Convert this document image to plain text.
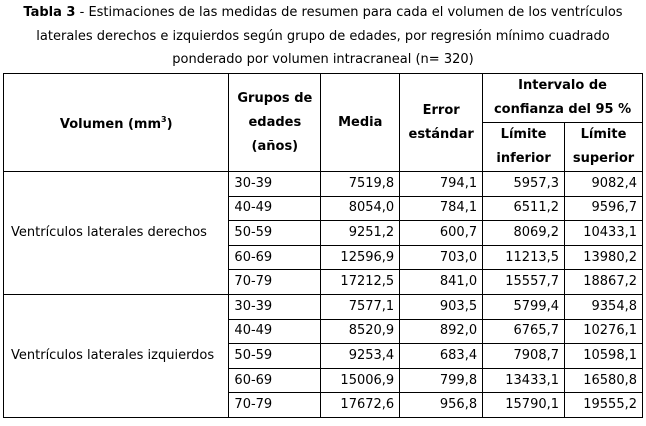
Tabla 3 - Estimaciones de las medidas de resumen para cada el volumen de los ventrículos laterales derechos e izquierdos según grupo de edades, por regresión mínimo cuadrado ponderado por volumen intracraneal (n= 320)
Volumen $(mm^3)$	Grupos de edades (años)	Media	Error estándar	Intervalo de confianza del 95 %	
				Límite inferior	Límite superior
Ventrículos laterales derechos	30-39	7519,8	794,1	5957,3	9082,4
	40-49	8054,0	784,1	6511,2	9596,7
	50-59	9251,2	600,7	8069,2	10433,1
	60-69	12596,9	703,0	11213,5	13980,2
	70-79	17212,5	841,0	15557,7	18867,2
Ventrículos laterales izquierdos	30-39	7577,1	903,5	5799,4	9354,8
	40-49	8520,9	892,0	6765,7	10276,1
	50-59	9253,4	683,4	7908,7	10598,1
	60-69	15006,9	799,8	13433,1	16580,8
	70-79	17672,6	956,8	15790,1	19555,2
